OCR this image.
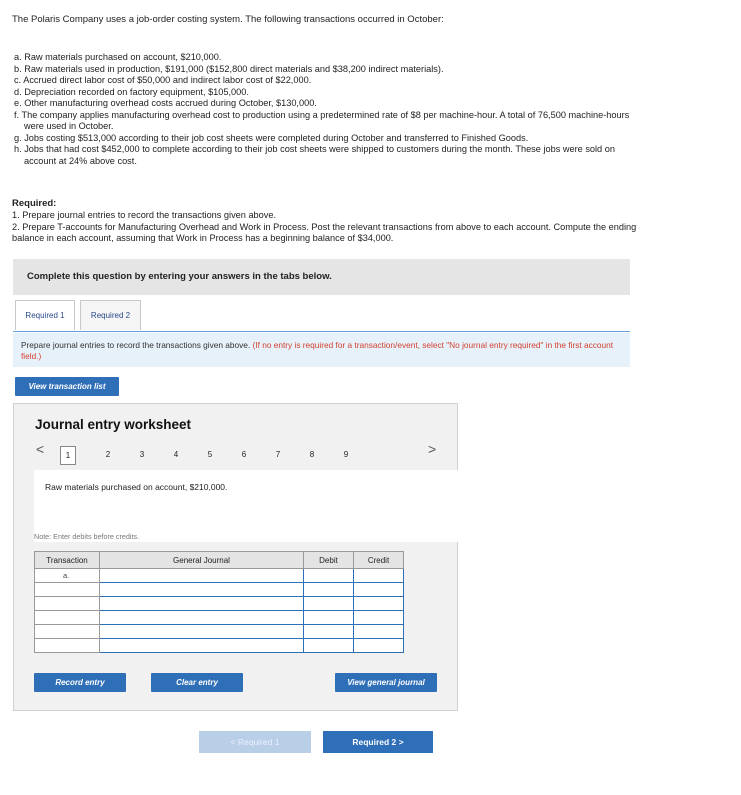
The Polaris Company uses a job-order costing system. The following transactions occurred in October:
a. Raw materials purchased on account, $210,000.
b. Raw materials used in production, $191,000 ($152,800 direct materials and $38,200 indirect materials).
c. Accrued direct labor cost of $50,000 and indirect labor cost of $22,000.
d. Depreciation recorded on factory equipment, $105,000.
e. Other manufacturing overhead costs accrued during October, $130,000.
f. The company applies manufacturing overhead cost to production using a predetermined rate of $8 per machine-hour. A total of 76,500 machine-hours were used in October.
g. Jobs costing $513,000 according to their job cost sheets were completed during October and transferred to Finished Goods.
h. Jobs that had cost $452,000 to complete according to their job cost sheets were shipped to customers during the month. These jobs were sold on account at 24% above cost.
Required:
1. Prepare journal entries to record the transactions given above.
2. Prepare T-accounts for Manufacturing Overhead and Work in Process. Post the relevant transactions from above to each account. Compute the ending balance in each account, assuming that Work in Process has a beginning balance of $34,000.
Complete this question by entering your answers in the tabs below.
Required 1	Required 2
Prepare journal entries to record the transactions given above. (If no entry is required for a transaction/event, select "No journal entry required" in the first account field.)
View transaction list
Journal entry worksheet
<	1	2	3	4	5	6	7	8	9	>
Raw materials purchased on account, $210,000.
Note: Enter debits before credits.
Transaction	General Journal	Debit	Credit
a.			

Record entry	Clear entry	View general journal
< Required 1	Required 2 >
